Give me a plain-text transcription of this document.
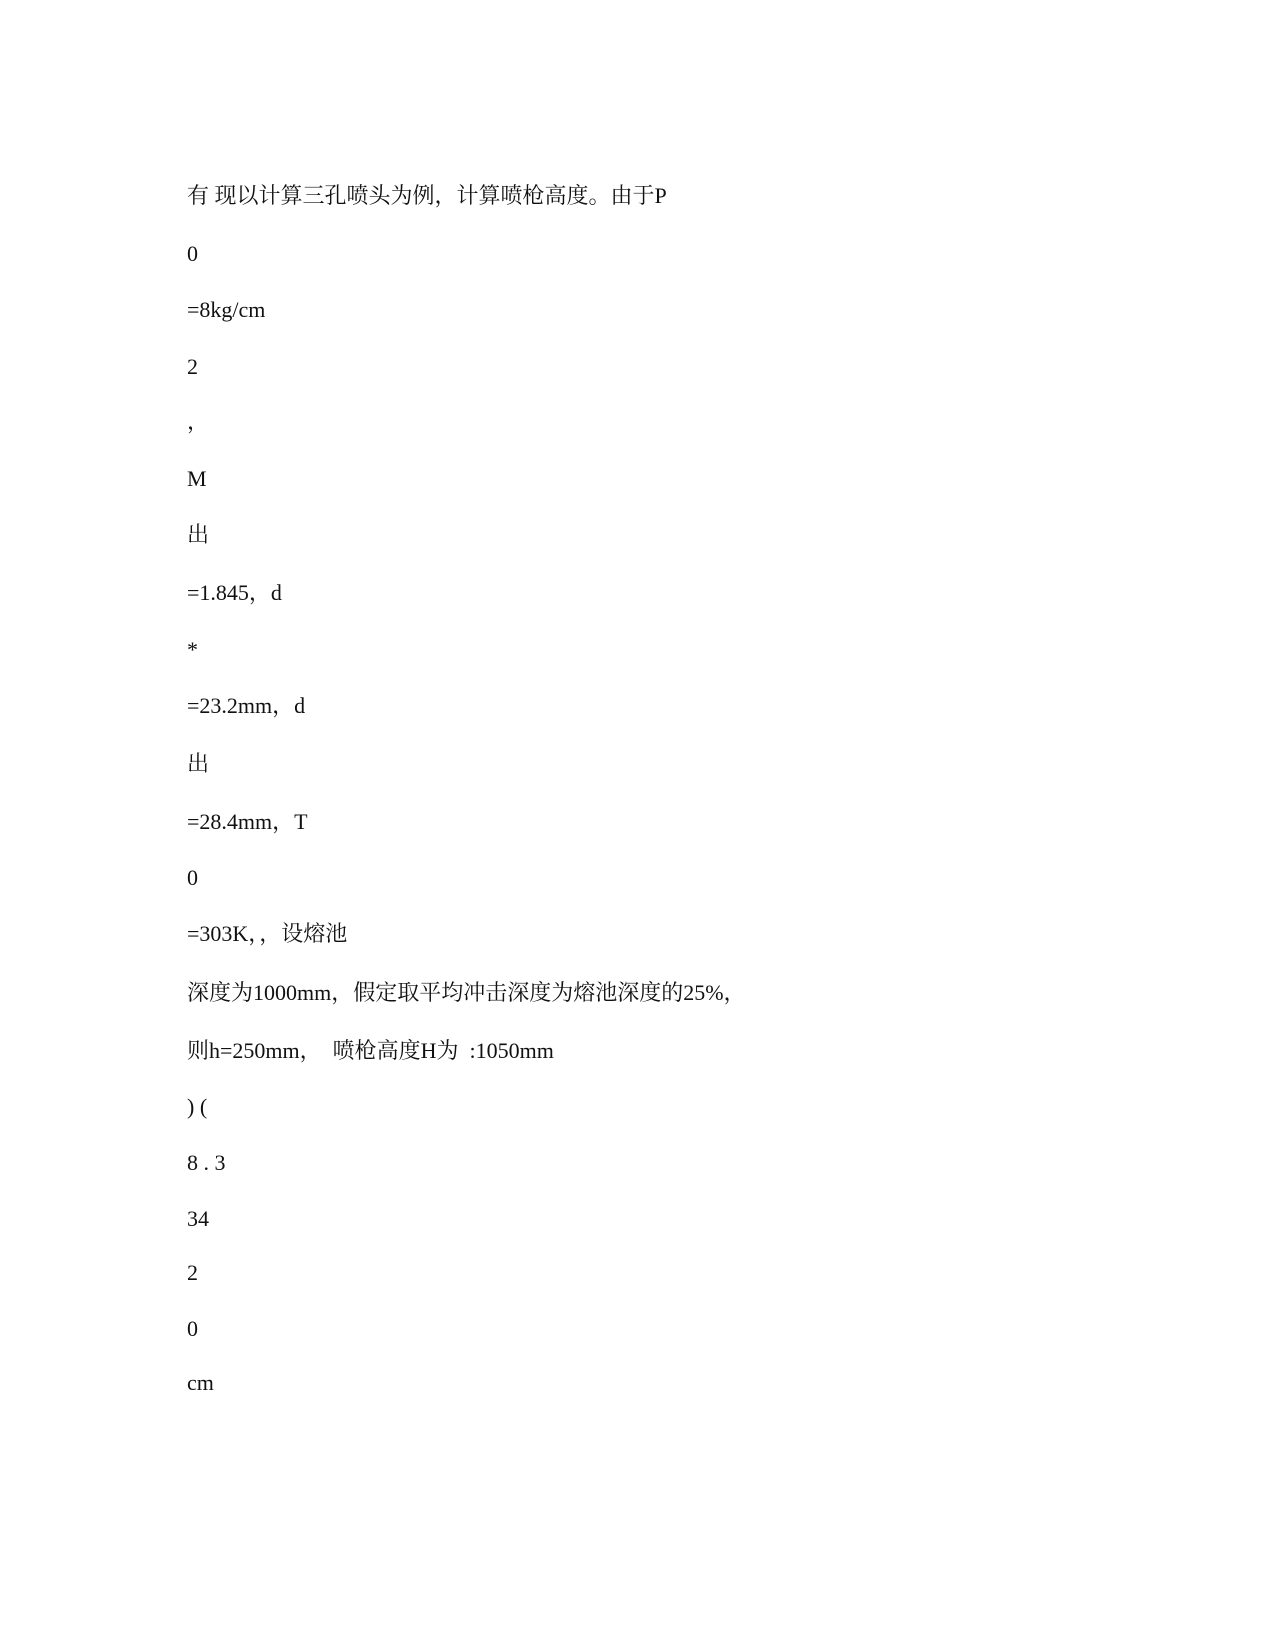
有 现以计算三孔喷头为例，计算喷枪高度。由于P
0
=8kg/cm
2
，
M
出
=1.845，d
*
=23.2mm，d
出
=28.4mm，T
0
=303K，，设熔池
深度为1000mm，假定取平均冲击深度为熔池深度的25%，
则h=250mm，  喷枪高度H为  :1050mm
) (
8 . 3
34
2
0
cm
